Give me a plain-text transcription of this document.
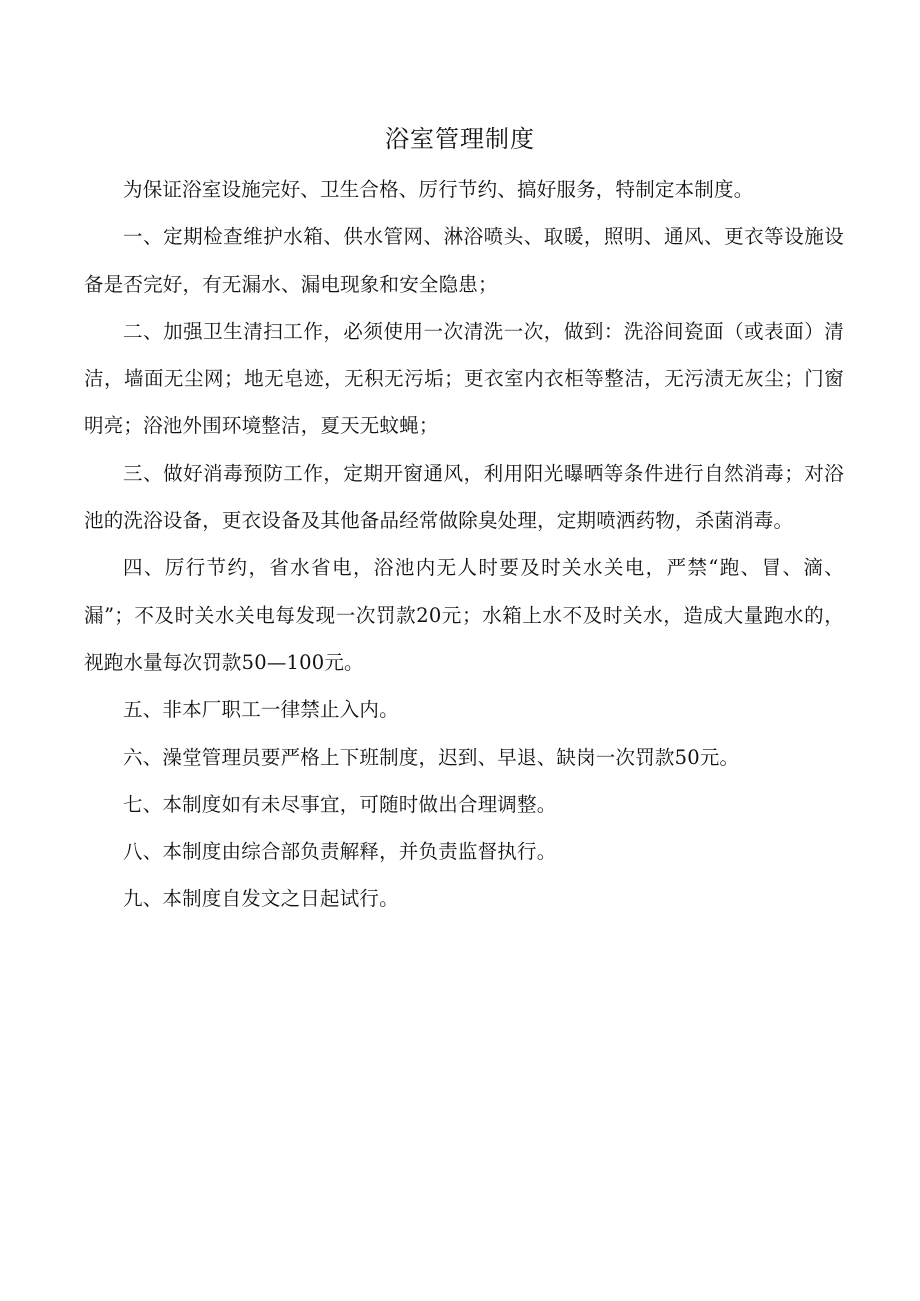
浴室管理制度

为保证浴室设施完好、卫生合格、厉行节约、搞好服务，特制定本制度。

一、定期检查维护水箱、供水管网、淋浴喷头、取暖，照明、通风、更衣等设施设备是否完好，有无漏水、漏电现象和安全隐患；

二、加强卫生清扫工作，必须使用一次清洗一次，做到：洗浴间瓷面（或表面）清洁，墙面无尘网；地无皂迹，无积无污垢；更衣室内衣柜等整洁，无污渍无灰尘；门窗明亮；浴池外围环境整洁，夏天无蚊蝇；

三、做好消毒预防工作，定期开窗通风，利用阳光曝晒等条件进行自然消毒；对浴池的洗浴设备，更衣设备及其他备品经常做除臭处理，定期喷洒药物，杀菌消毒。

四、厉行节约，省水省电，浴池内无人时要及时关水关电，严禁“跑、冒、滴、漏”；不及时关水关电每发现一次罚款20元；水箱上水不及时关水，造成大量跑水的，视跑水量每次罚款50—100元。

五、非本厂职工一律禁止入内。

六、澡堂管理员要严格上下班制度，迟到、早退、缺岗一次罚款50元。

七、本制度如有未尽事宜，可随时做出合理调整。

八、本制度由综合部负责解释，并负责监督执行。

九、本制度自发文之日起试行。
